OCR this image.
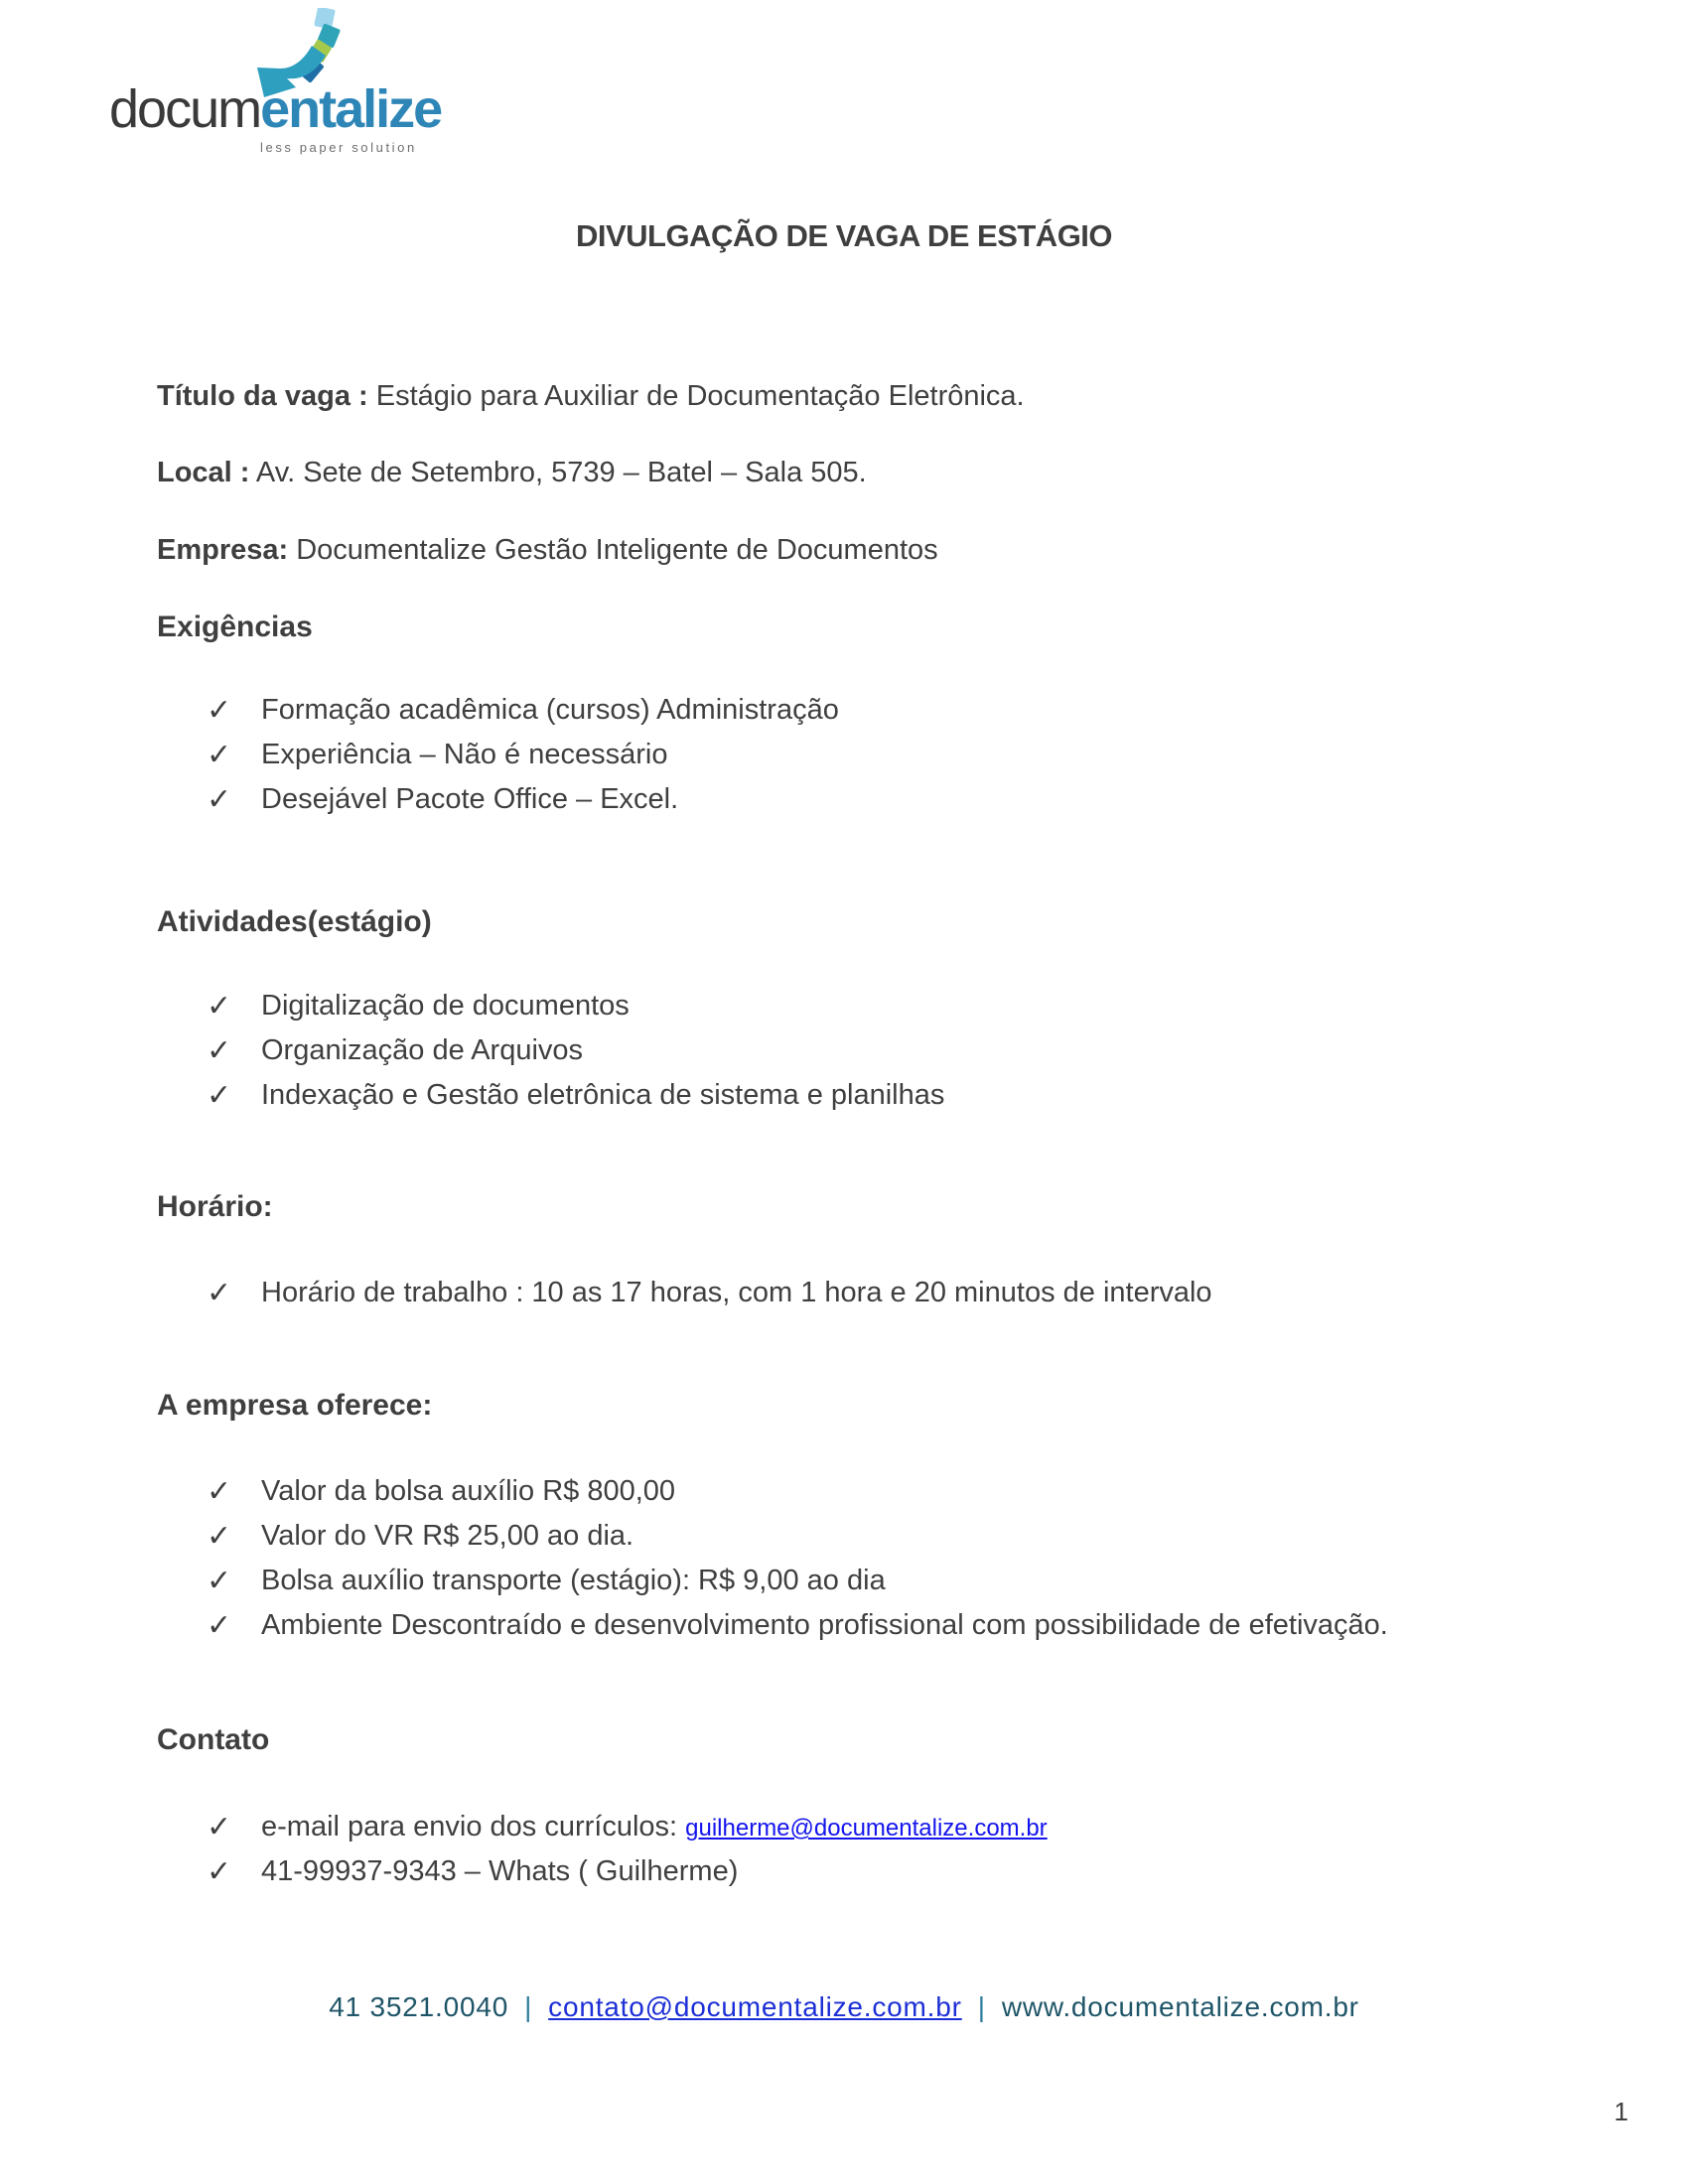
documentalize
less paper solution
DIVULGAÇÃO DE VAGA DE ESTÁGIO

Título da vaga : Estágio para Auxiliar de Documentação Eletrônica.

Local : Av. Sete de Setembro, 5739 – Batel – Sala 505.

Empresa: Documentalize Gestão Inteligente de Documentos

Exigências
✓ Formação acadêmica (cursos) Administração
✓ Experiência – Não é necessário
✓ Desejável Pacote Office – Excel.
Atividades(estágio)
✓ Digitalização de documentos
✓ Organização de Arquivos
✓ Indexação e Gestão eletrônica de sistema e planilhas
Horário:
✓ Horário de trabalho : 10 as 17 horas, com 1 hora e 20 minutos de intervalo
A empresa oferece:
✓ Valor da bolsa auxílio R$ 800,00
✓ Valor do VR R$ 25,00 ao dia.
✓ Bolsa auxílio transporte (estágio): R$ 9,00 ao dia
✓ Ambiente Descontraído e desenvolvimento profissional com possibilidade de efetivação.
Contato
✓ e-mail para envio dos currículos: guilherme@documentalize.com.br
✓ 41-99937-9343 – Whats ( Guilherme)
41 3521.0040 | contato@documentalize.com.br | www.documentalize.com.br
1
